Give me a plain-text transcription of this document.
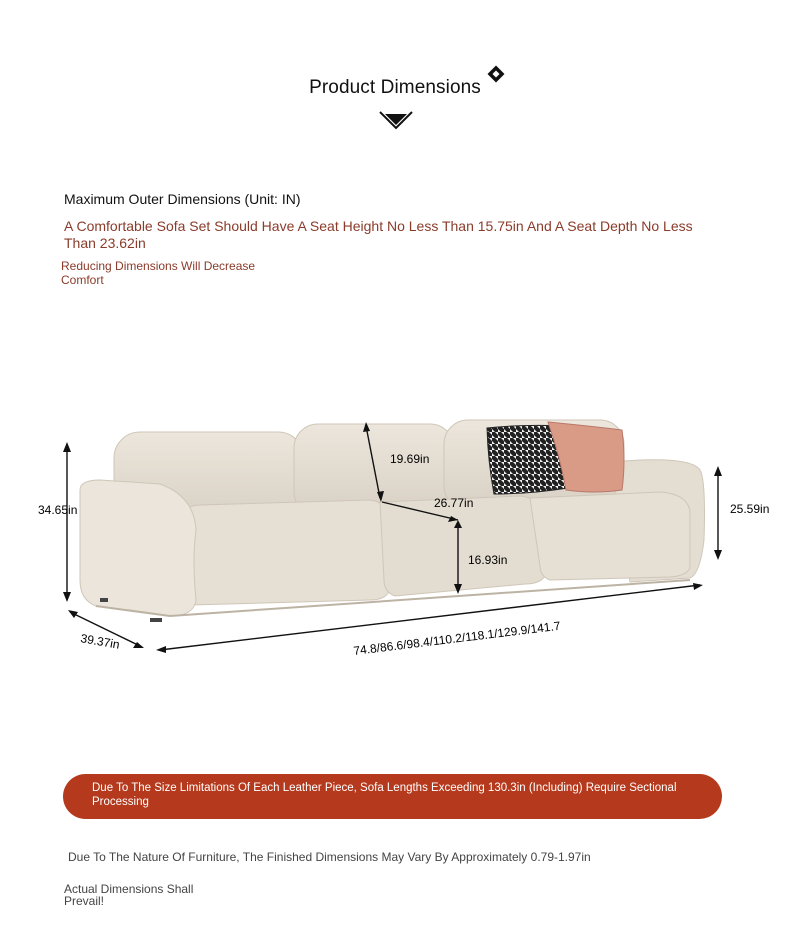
Product Dimensions
34.65in
19.69in
26.77in
16.93in
25.59in
39.37in	74.8/86.6/98.4/110.2/118.1/129.9/141.7
Maximum Outer Dimensions (Unit: IN)
A Comfortable Sofa Set Should Have A Seat Height No Less Than 15.75in And A Seat Depth No Less Than 23.62in
Reducing Dimensions Will Decrease Comfort
Due To The Size Limitations Of Each Leather Piece, Sofa Lengths Exceeding 130.3in (Including) Require Sectional Processing
Due To The Nature Of Furniture, The Finished Dimensions May Vary By Approximately 0.79-1.97in
Actual Dimensions Shall Prevail!
